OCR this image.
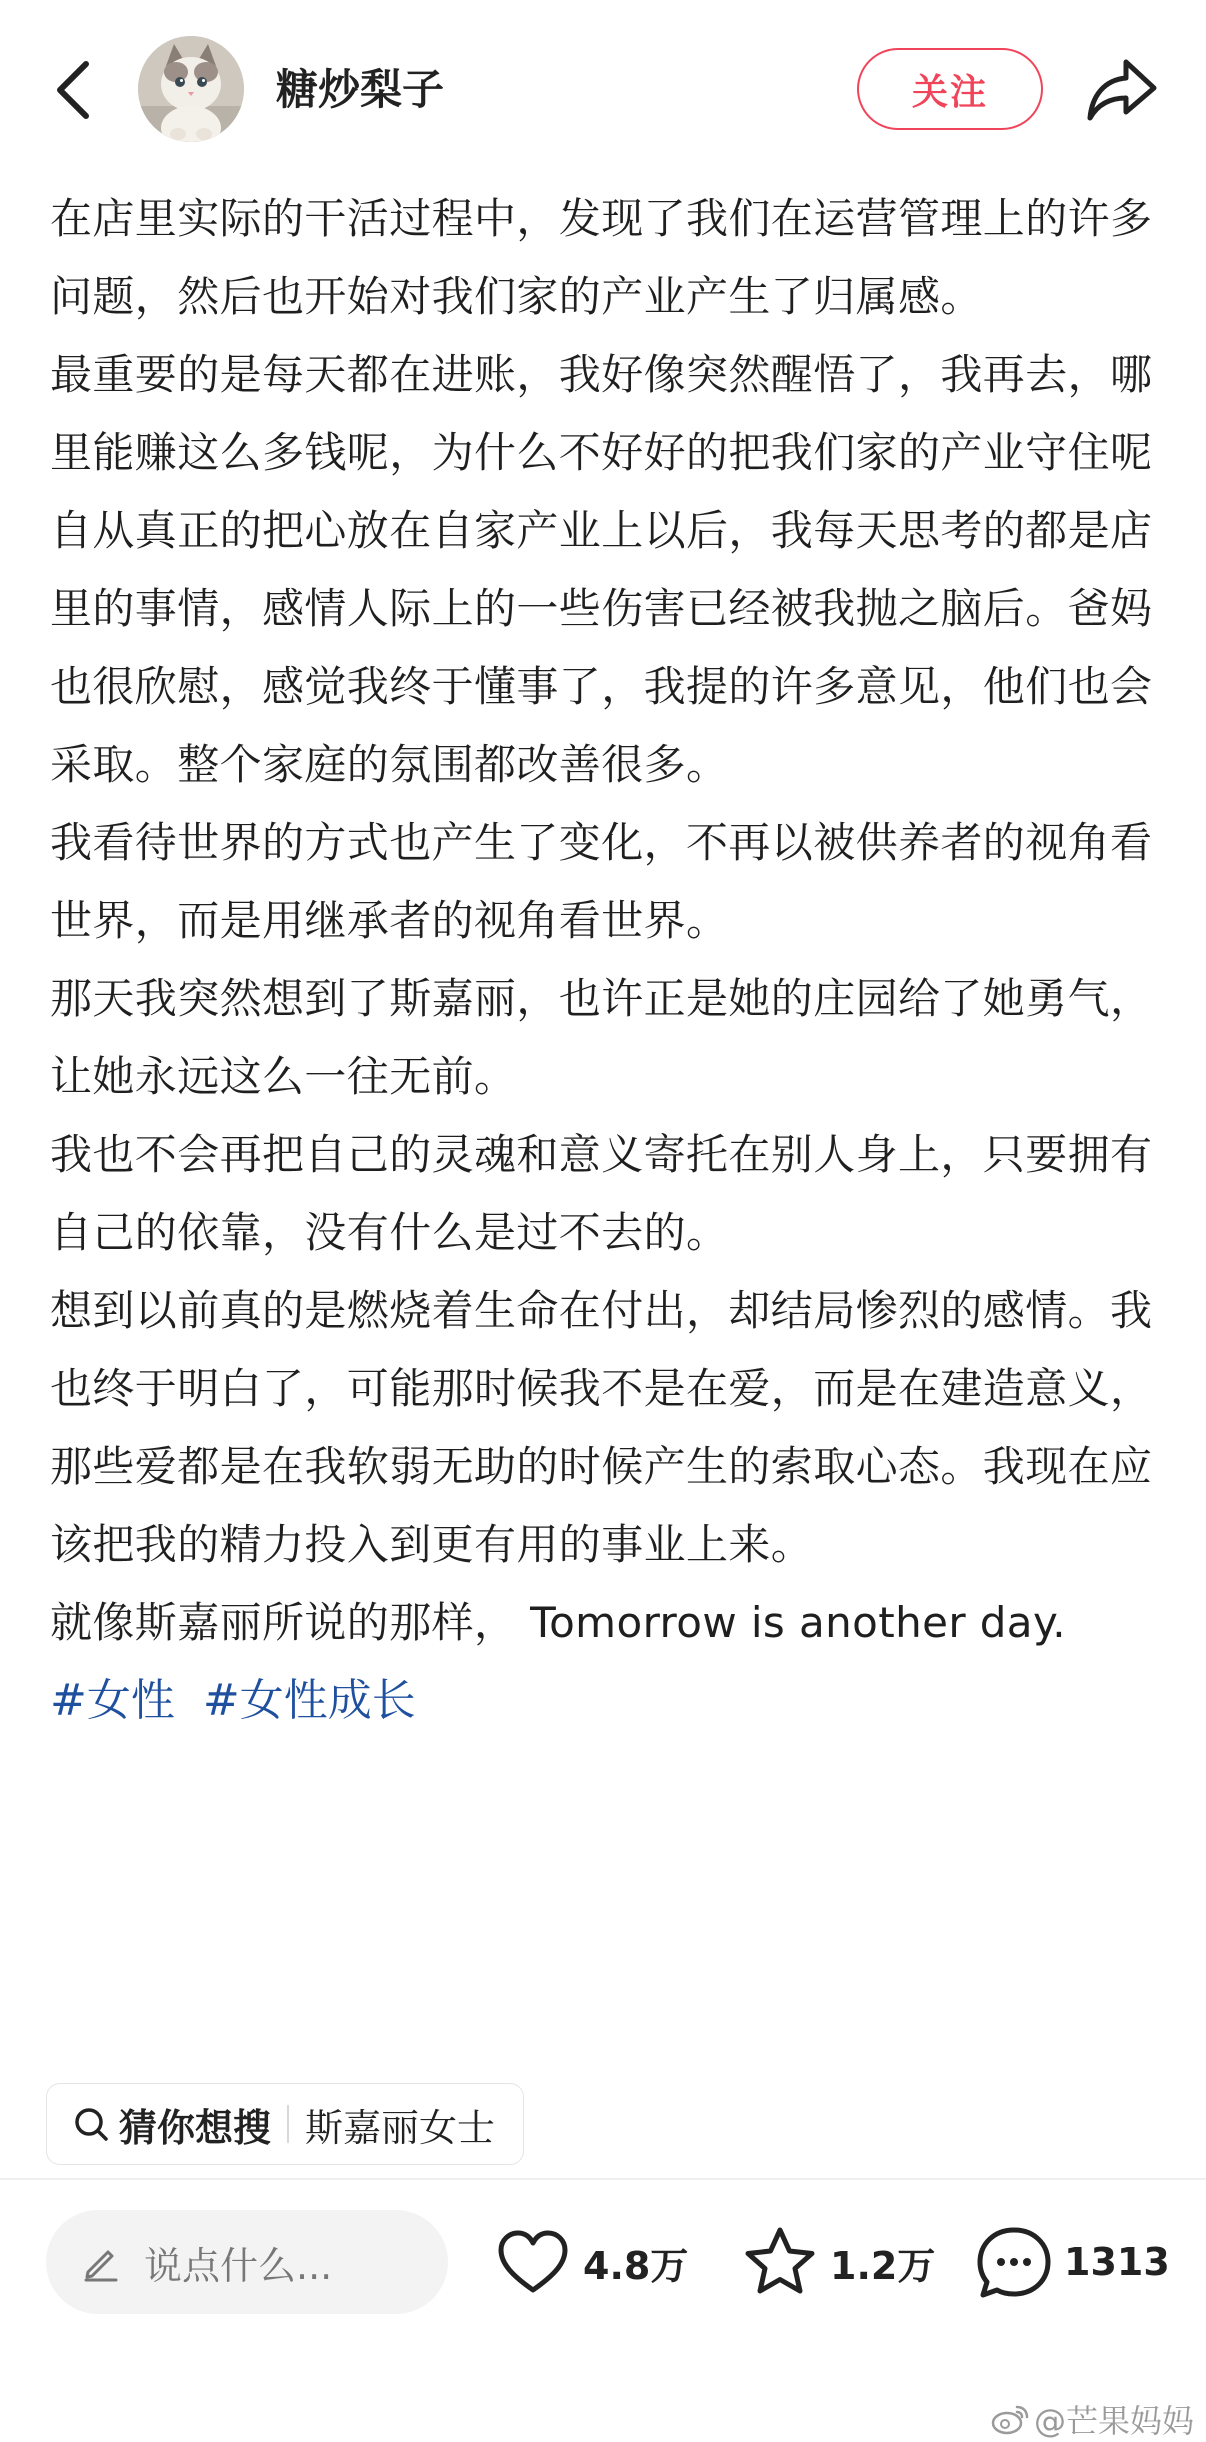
糖炒梨子	关注

在店里实际的干活过程中，发现了我们在运营管理上的许多问题，然后也开始对我们家的产业产生了归属感。

最重要的是每天都在进账，我好像突然醒悟了，我再去，哪里能赚这么多钱呢，为什么不好好的把我们家的产业守住呢

自从真正的把心放在自家产业上以后，我每天思考的都是店里的事情，感情人际上的一些伤害已经被我抛之脑后。爸妈也很欣慰，感觉我终于懂事了，我提的许多意见，他们也会采取。整个家庭的氛围都改善很多。

我看待世界的方式也产生了变化，不再以被供养者的视角看世界，而是用继承者的视角看世界。

那天我突然想到了斯嘉丽，也许正是她的庄园给了她勇气，让她永远这么一往无前。

我也不会再把自己的灵魂和意义寄托在别人身上，只要拥有自己的依靠，没有什么是过不去的。

想到以前真的是燃烧着生命在付出，却结局惨烈的感情。我也终于明白了，可能那时候我不是在爱，而是在建造意义，那些爱都是在我软弱无助的时候产生的索取心态。我现在应该把我的精力投入到更有用的事业上来。

就像斯嘉丽所说的那样， Tomorrow is another day.

#女性 #女性成长
猜你想搜 斯嘉丽女士
说点什么...	4.8万	1.2万	1313
@芒果妈妈
